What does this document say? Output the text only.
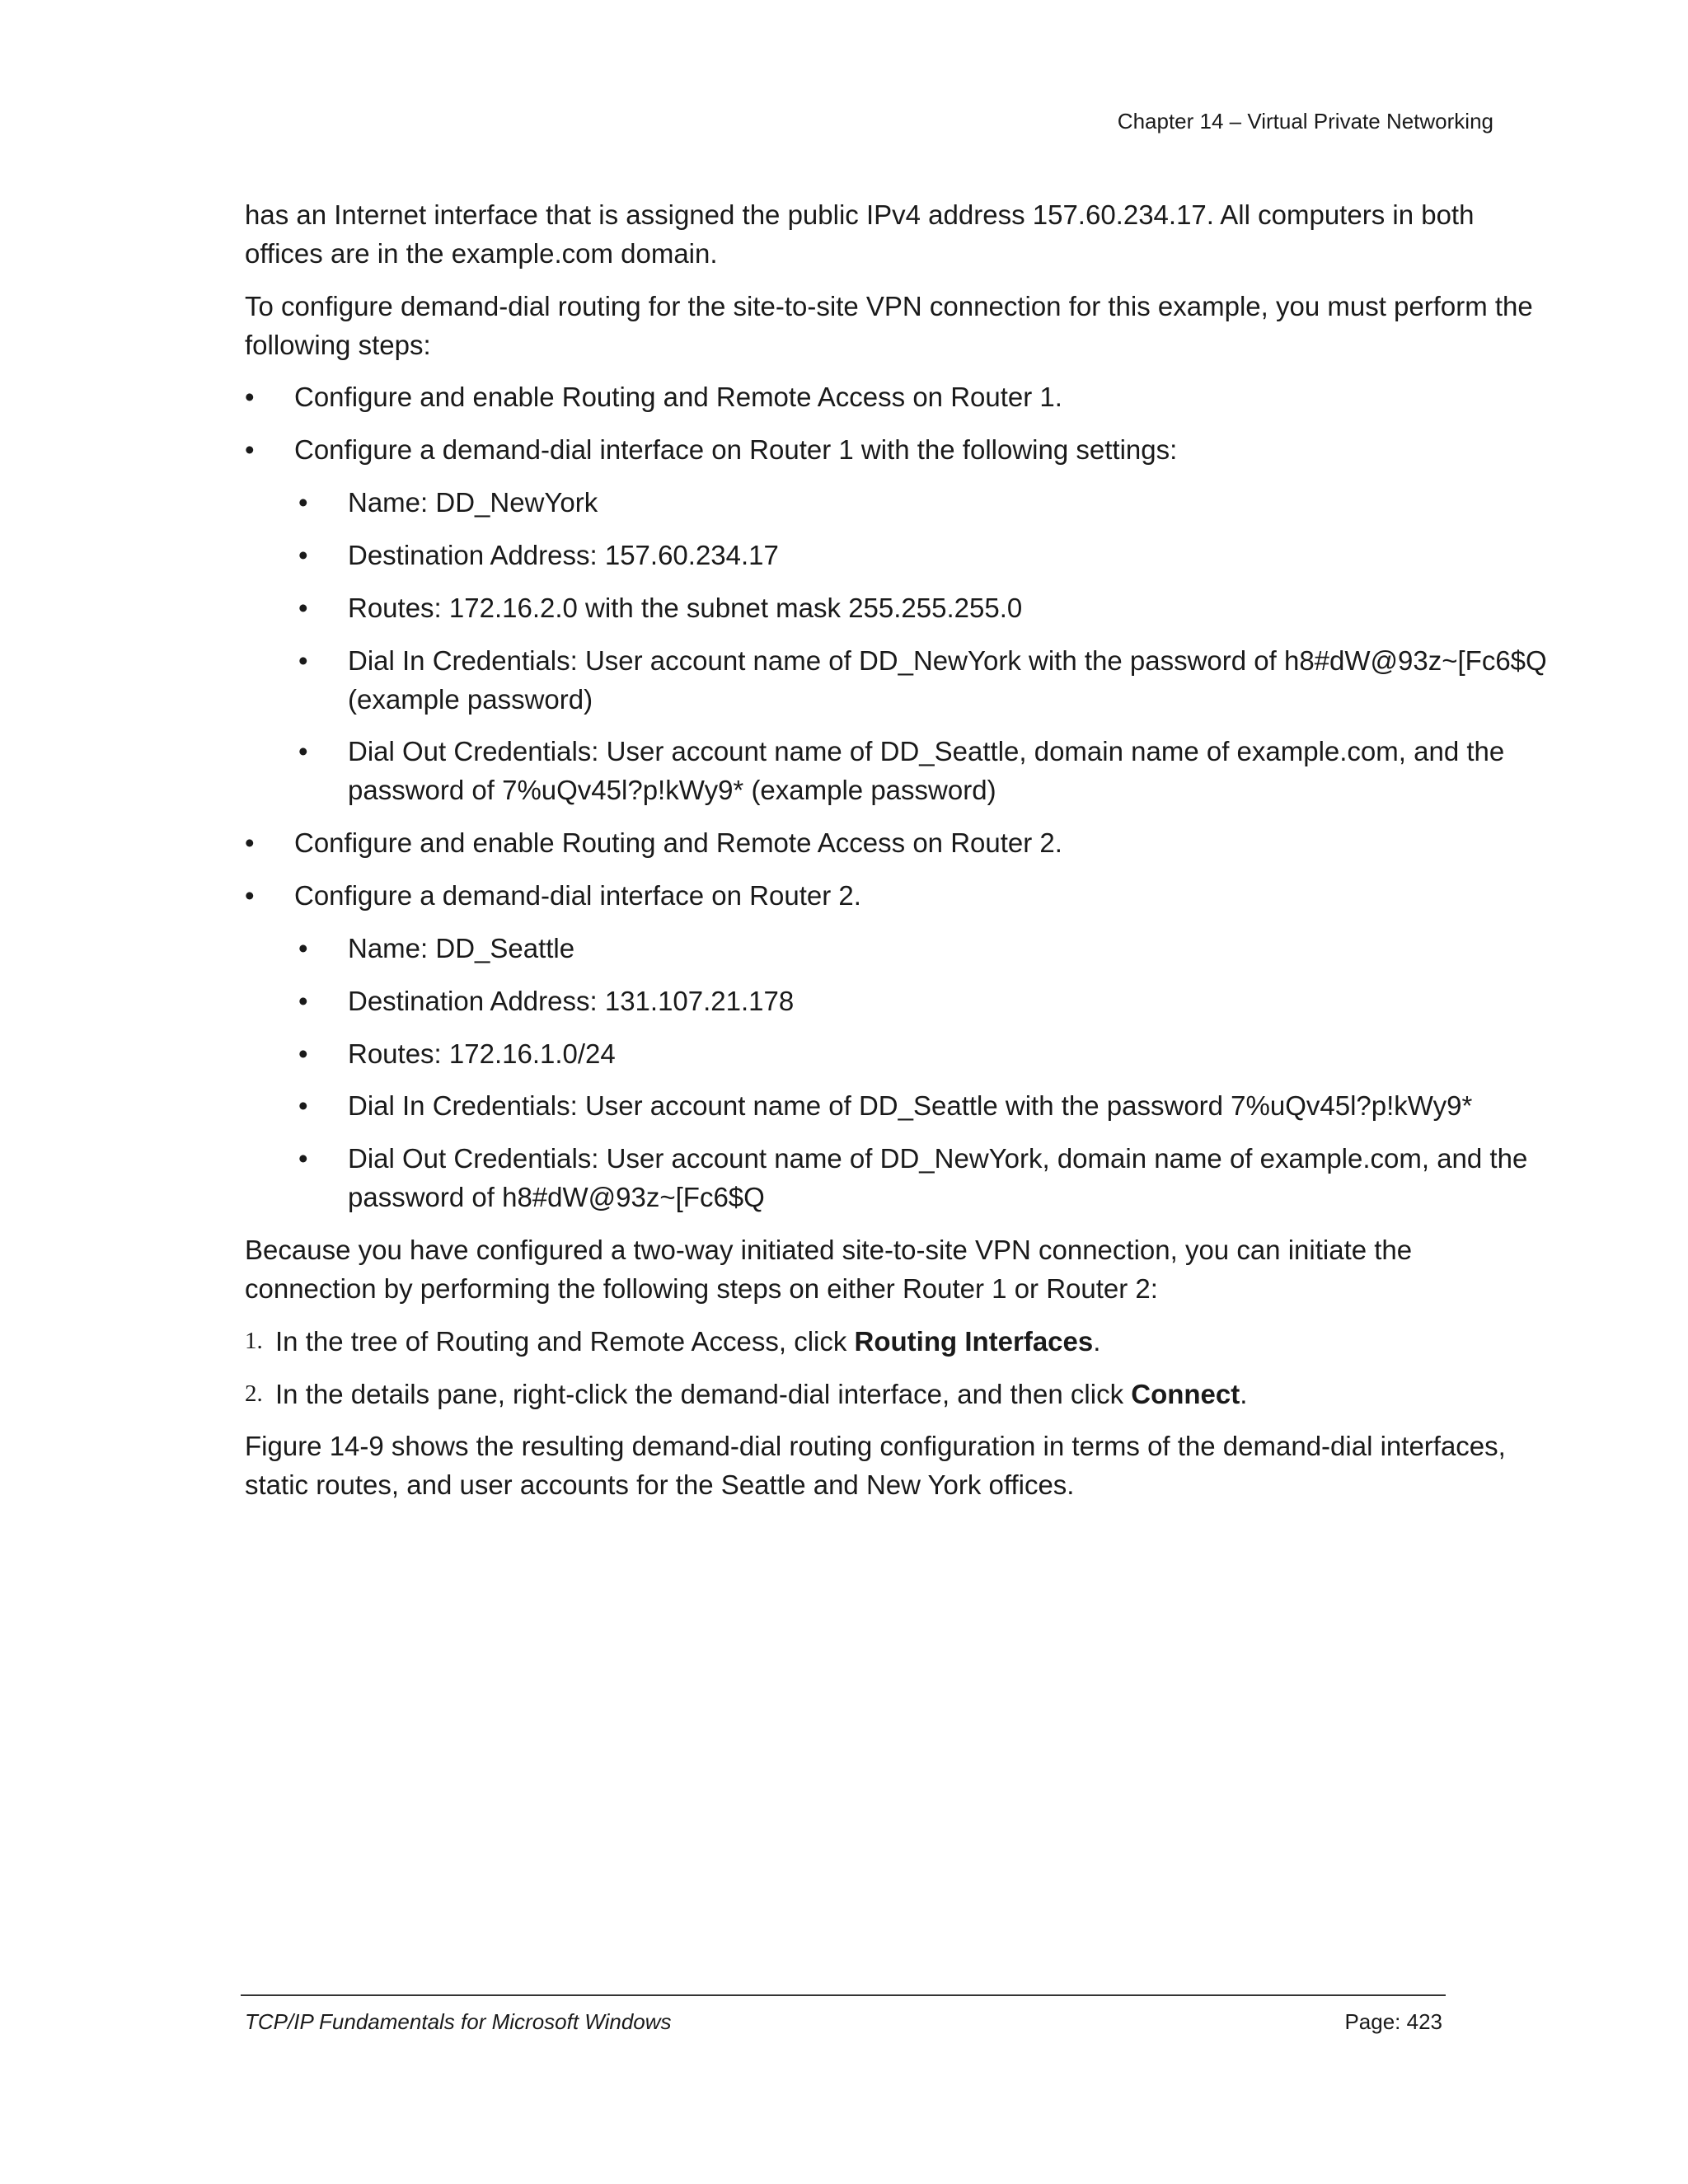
Chapter 14 – Virtual Private Networking

has an Internet interface that is assigned the public IPv4 address 157.60.234.17. All computers in both offices are in the example.com domain.

To configure demand-dial routing for the site-to-site VPN connection for this example, you must perform the following steps:

•	Configure and enable Routing and Remote Access on Router 1.
•	Configure a demand-dial interface on Router 1 with the following settings:
•	Name: DD_NewYork
•	Destination Address: 157.60.234.17
•	Routes: 172.16.2.0 with the subnet mask 255.255.255.0
•	Dial In Credentials: User account name of DD_NewYork with the password of h8#dW@93z~[Fc6$Q (example password)
•	Dial Out Credentials: User account name of DD_Seattle, domain name of example.com, and the password of 7%uQv45l?p!kWy9* (example password)
•	Configure and enable Routing and Remote Access on Router 2.
•	Configure a demand-dial interface on Router 2.
•	Name: DD_Seattle
•	Destination Address: 131.107.21.178
•	Routes: 172.16.1.0/24
•	Dial In Credentials: User account name of DD_Seattle with the password 7%uQv45l?p!kWy9*
•	Dial Out Credentials: User account name of DD_NewYork, domain name of example.com, and the password of h8#dW@93z~[Fc6$Q

Because you have configured a two-way initiated site-to-site VPN connection, you can initiate the connection by performing the following steps on either Router 1 or Router 2:

1. In the tree of Routing and Remote Access, click Routing Interfaces.
2. In the details pane, right-click the demand-dial interface, and then click Connect.

Figure 14-9 shows the resulting demand-dial routing configuration in terms of the demand-dial interfaces, static routes, and user accounts for the Seattle and New York offices.

TCP/IP Fundamentals for Microsoft Windows	Page: 423
